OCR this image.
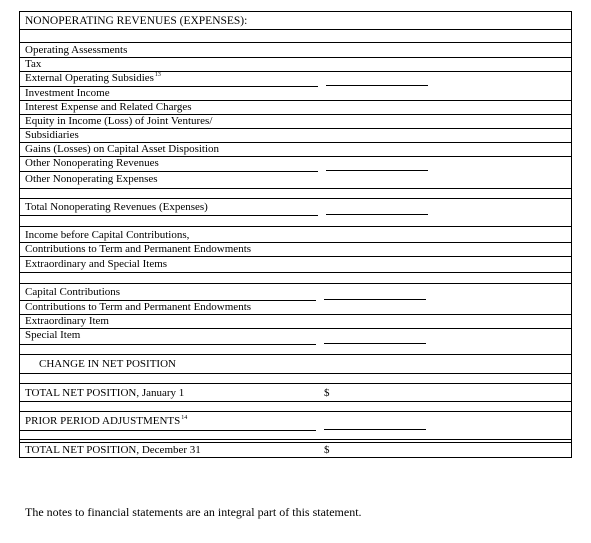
NONOPERATING REVENUES (EXPENSES):
Operating Assessments
Tax
External Operating Subsidies$^{13}$
Investment Income
Interest Expense and Related Charges
Equity in Income (Loss) of Joint Ventures/
Subsidiaries
Gains (Losses) on Capital Asset Disposition
Other Nonoperating Revenues
Other Nonoperating Expenses
Total Nonoperating Revenues (Expenses)
Income before Capital Contributions,
Contributions to Term and Permanent Endowments
Extraordinary and Special Items
Capital Contributions
Contributions to Term and Permanent Endowments
Extraordinary Item
Special Item
CHANGE IN NET POSITION
TOTAL NET POSITION, January 1	$
PRIOR PERIOD ADJUSTMENTS$^{14}$
TOTAL NET POSITION, December 31	$
The notes to financial statements are an integral part of this statement.
